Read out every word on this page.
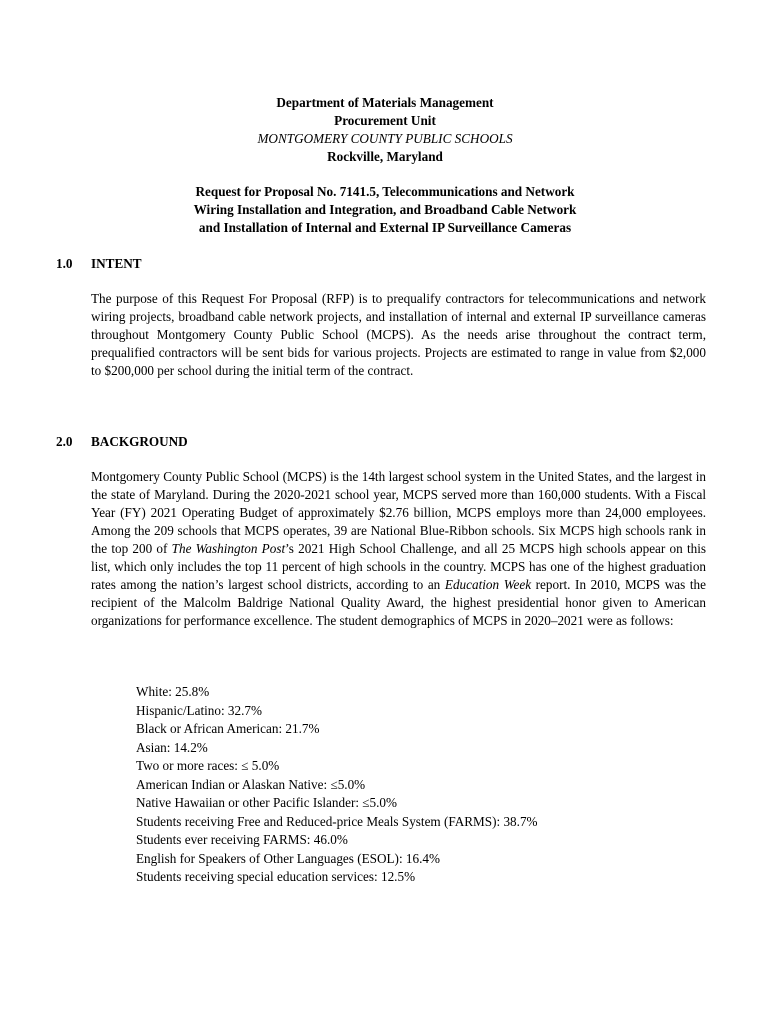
Department of Materials Management
Procurement Unit
MONTGOMERY COUNTY PUBLIC SCHOOLS
Rockville, Maryland
Request for Proposal No. 7141.5, Telecommunications and Network
Wiring Installation and Integration, and Broadband Cable Network
and Installation of Internal and External IP Surveillance Cameras
1.0 INTENT

The purpose of this Request For Proposal (RFP) is to prequalify contractors for telecommunications and network wiring projects, broadband cable network projects, and installation of internal and external IP surveillance cameras throughout Montgomery County Public School (MCPS). As the needs arise throughout the contract term, prequalified contractors will be sent bids for various projects. Projects are estimated to range in value from $2,000 to $200,000 per school during the initial term of the contract.

2.0 BACKGROUND

Montgomery County Public School (MCPS) is the 14th largest school system in the United States, and the largest in the state of Maryland. During the 2020-2021 school year, MCPS served more than 160,000 students. With a Fiscal Year (FY) 2021 Operating Budget of approximately $2.76 billion, MCPS employs more than 24,000 employees. Among the 209 schools that MCPS operates, 39 are National Blue-Ribbon schools. Six MCPS high schools rank in the top 200 of The Washington Post’s 2021 High School Challenge, and all 25 MCPS high schools appear on this list, which only includes the top 11 percent of high schools in the country. MCPS has one of the highest graduation rates among the nation’s largest school districts, according to an Education Week report. In 2010, MCPS was the recipient of the Malcolm Baldrige National Quality Award, the highest presidential honor given to American organizations for performance excellence. The student demographics of MCPS in 2020–2021 were as follows:

White: 25.8%
Hispanic/Latino: 32.7%
Black or African American: 21.7%
Asian: 14.2%
Two or more races: ≤ 5.0%
American Indian or Alaskan Native: ≤5.0%
Native Hawaiian or other Pacific Islander: ≤5.0%
Students receiving Free and Reduced-price Meals System (FARMS): 38.7%
Students ever receiving FARMS: 46.0%
English for Speakers of Other Languages (ESOL): 16.4%
Students receiving special education services: 12.5%
